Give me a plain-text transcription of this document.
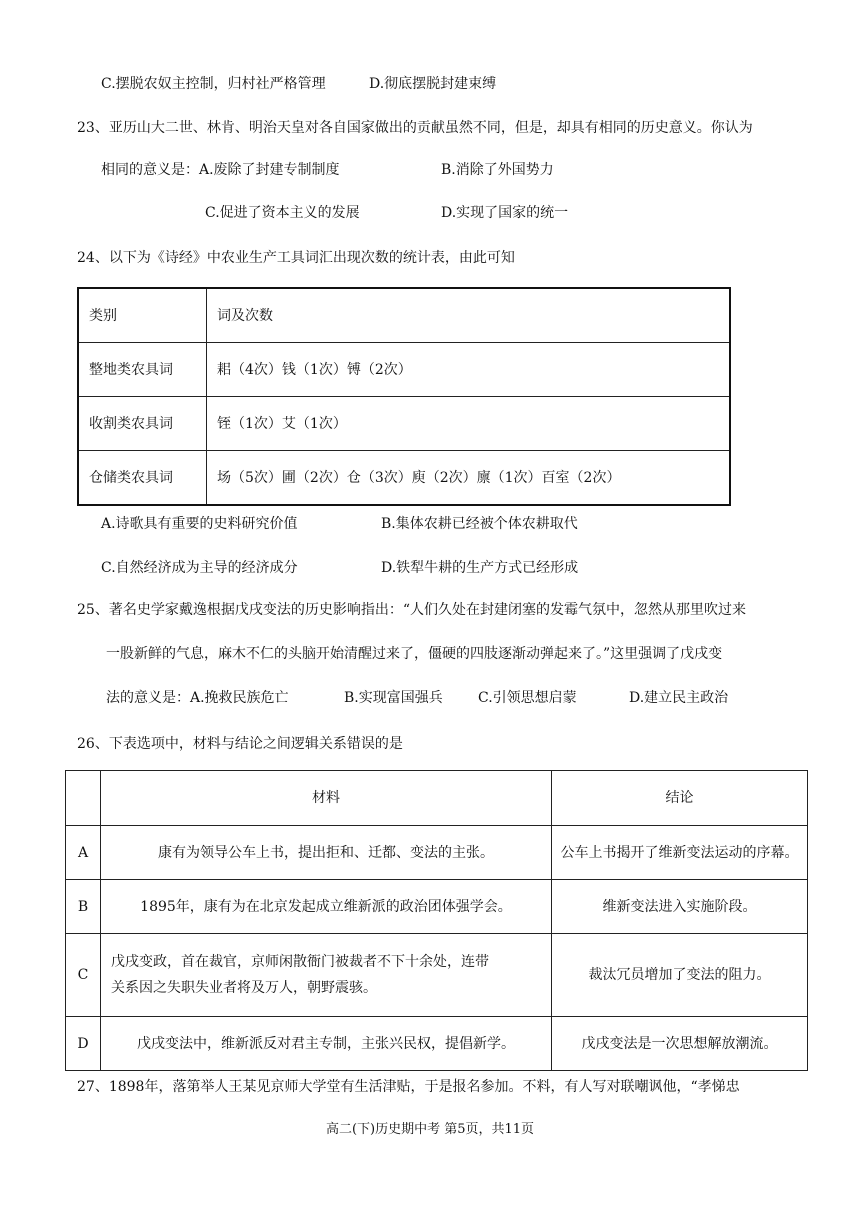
C.摆脱农奴主控制，归村社严格管理	D.彻底摆脱封建束缚
23、亚历山大二世、林肯、明治天皇对各自国家做出的贡献虽然不同，但是，却具有相同的历史意义。你认为
相同的意义是：A.废除了封建专制制度	B.消除了外国势力
C.促进了资本主义的发展	D.实现了国家的统一
24、以下为《诗经》中农业生产工具词汇出现次数的统计表，由此可知
类别	词及次数
整地类农具词	耜（4次）钱（1次）镈（2次）
收割类农具词	铚（1次）艾（1次）
仓储类农具词	场（5次）圃（2次）仓（3次）庾（2次）廪（1次）百室（2次）
A.诗歌具有重要的史料研究价值	B.集体农耕已经被个体农耕取代
C.自然经济成为主导的经济成分	D.铁犁牛耕的生产方式已经形成
25、著名史学家戴逸根据戊戌变法的历史影响指出：“人们久处在封建闭塞的发霉气氛中，忽然从那里吹过来
一股新鲜的气息，麻木不仁的头脑开始清醒过来了，僵硬的四肢逐渐动弹起来了。”这里强调了戊戌变
法的意义是：A.挽救民族危亡	B.实现富国强兵	C.引领思想启蒙	D.建立民主政治
26、下表选项中，材料与结论之间逻辑关系错误的是
	材料	结论
A	康有为领导公车上书，提出拒和、迁都、变法的主张。	公车上书揭开了维新变法运动的序幕。
B	1895年，康有为在北京发起成立维新派的政治团体强学会。	维新变法进入实施阶段。
C	戊戌变政，首在裁官，京师闲散衙门被裁者不下十余处，连带
关系因之失职失业者将及万人，朝野震骇。	裁汰冗员增加了变法的阻力。
D	戊戌变法中，维新派反对君主专制，主张兴民权，提倡新学。	戊戌变法是一次思想解放潮流。
27、1898年，落第举人王某见京师大学堂有生活津贴，于是报名参加。不料，有人写对联嘲讽他，“孝悌忠
高二(下)历史期中考 第5页，共11页
